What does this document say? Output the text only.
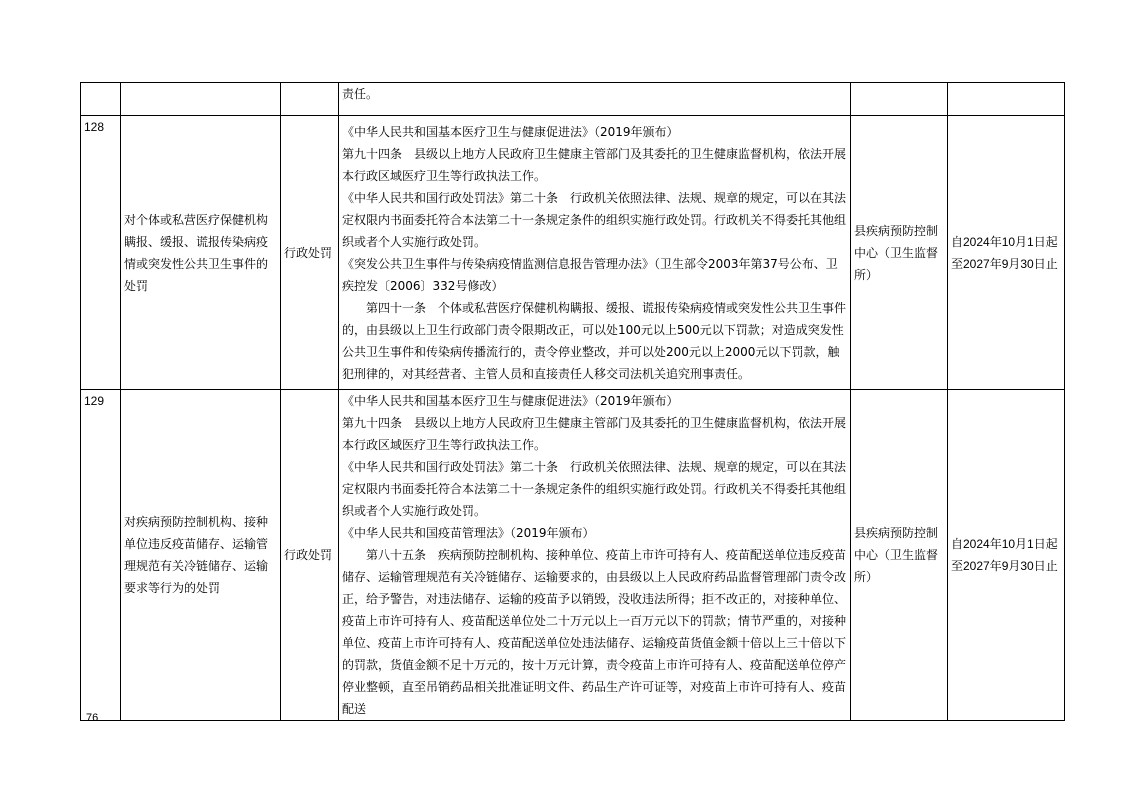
			责任。		

128	对个体或私营医疗保健机构瞒报、缓报、谎报传染病疫情或突发性公共卫生事件的处罚	行政处罚	《中华人民共和国基本医疗卫生与健康促进法》（2019年颁布）

第九十四条　县级以上地方人民政府卫生健康主管部门及其委托的卫生健康监督机构，依法开展本行政区域医疗卫生等行政执法工作。

《中华人民共和国行政处罚法》第二十条　行政机关依照法律、法规、规章的规定，可以在其法定权限内书面委托符合本法第二十一条规定条件的组织实施行政处罚。行政机关不得委托其他组织或者个人实施行政处罚。

《突发公共卫生事件与传染病疫情监测信息报告管理办法》（卫生部令2003年第37号公布、卫疾控发〔2006〕332号修改）

第四十一条　个体或私营医疗保健机构瞒报、缓报、谎报传染病疫情或突发性公共卫生事件的，由县级以上卫生行政部门责令限期改正，可以处100元以上500元以下罚款；对造成突发性公共卫生事件和传染病传播流行的，责令停业整改，并可以处200元以上2000元以下罚款，触犯刑律的，对其经营者、主管人员和直接责任人移交司法机关追究刑事责任。	县疾病预防控制中心（卫生监督所）	自2024年10月1日起至2027年9月30日止
129	对疾病预防控制机构、接种单位违反疫苗储存、运输管理规范有关冷链储存、运输要求等行为的处罚	行政处罚	《中华人民共和国基本医疗卫生与健康促进法》（2019年颁布）

第九十四条　县级以上地方人民政府卫生健康主管部门及其委托的卫生健康监督机构，依法开展本行政区域医疗卫生等行政执法工作。

《中华人民共和国行政处罚法》第二十条　行政机关依照法律、法规、规章的规定，可以在其法定权限内书面委托符合本法第二十一条规定条件的组织实施行政处罚。行政机关不得委托其他组织或者个人实施行政处罚。

《中华人民共和国疫苗管理法》（2019年颁布）

第八十五条　疾病预防控制机构、接种单位、疫苗上市许可持有人、疫苗配送单位违反疫苗储存、运输管理规范有关冷链储存、运输要求的，由县级以上人民政府药品监督管理部门责令改正，给予警告，对违法储存、运输的疫苗予以销毁，没收违法所得；拒不改正的，对接种单位、疫苗上市许可持有人、疫苗配送单位处二十万元以上一百万元以下的罚款；情节严重的，对接种单位、疫苗上市许可持有人、疫苗配送单位处违法储存、运输疫苗货值金额十倍以上三十倍以下的罚款，货值金额不足十万元的，按十万元计算，责令疫苗上市许可持有人、疫苗配送单位停产停业整顿，直至吊销药品相关批准证明文件、药品生产许可证等，对疫苗上市许可持有人、疫苗配送	县疾病预防控制中心（卫生监督所）	自2024年10月1日起至2027年9月30日止
76
